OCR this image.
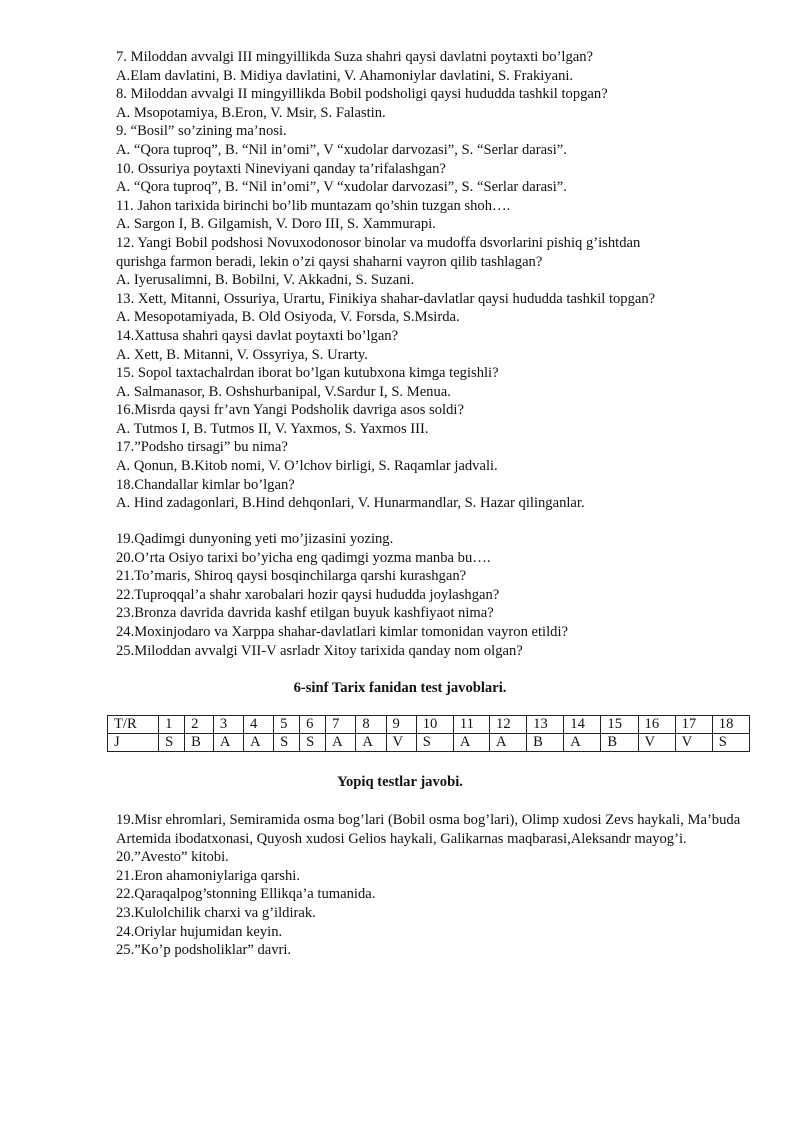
7. Miloddan avvalgi III mingyillikda Suza shahri qaysi davlatni poytaxti bo’lgan?
A.Elam davlatini, B. Midiya davlatini, V. Ahamoniylar davlatini, S. Frakiyani.
8. Miloddan avvalgi II mingyillikda Bobil podsholigi qaysi hududda tashkil topgan?
A. Msopotamiya, B.Eron, V. Msir, S. Falastin.
9. “Bosil” so’zining ma’nosi.
A. “Qora tuproq”, B. “Nil in’omi”, V “xudolar darvozasi”, S. “Serlar darasi”.
10. Ossuriya poytaxti Nineviyani qanday ta’rifalashgan?
A. “Qora tuproq”, B. “Nil in’omi”, V “xudolar darvozasi”, S. “Serlar darasi”.
11. Jahon tarixida birinchi bo’lib muntazam qo’shin tuzgan shoh….
A. Sargon I, B. Gilgamish, V. Doro III, S. Xammurapi.
12. Yangi Bobil podshosi Novuxodonosor binolar va mudoffa dsvorlarini pishiq g’ishtdan
qurishga farmon beradi, lekin o’zi qaysi shaharni vayron qilib tashlagan?
A. Iyerusalimni, B. Bobilni, V. Akkadni, S. Suzani.
13. Xett, Mitanni, Ossuriya, Urartu, Finikiya shahar-davlatlar qaysi hududda tashkil topgan?
A. Mesopotamiyada, B. Old Osiyoda, V. Forsda, S.Msirda.
14.Xattusa shahri qaysi davlat poytaxti bo’lgan?
A. Xett, B. Mitanni, V. Ossyriya, S. Urarty.
15. Sopol taxtachalrdan iborat bo’lgan kutubxona kimga tegishli?
A. Salmanasor, B. Oshshurbanipal, V.Sardur I, S. Menua.
16.Misrda qaysi fr’avn Yangi Podsholik davriga asos soldi?
A. Tutmos I, B. Tutmos II, V. Yaxmos, S. Yaxmos III.
17.”Podsho tirsagi” bu nima?
A. Qonun, B.Kitob nomi, V. O’lchov birligi, S. Raqamlar jadvali.
18.Chandallar kimlar bo’lgan?
A. Hind zadagonlari, B.Hind dehqonlari, V. Hunarmandlar, S. Hazar qilinganlar.
19.Qadimgi dunyoning yeti mo’jizasini yozing.
20.O’rta Osiyo tarixi bo’yicha eng qadimgi yozma manba bu….
21.To’maris, Shiroq qaysi bosqinchilarga qarshi kurashgan?
22.Tuproqqal’a shahr xarobalari hozir qaysi hududda joylashgan?
23.Bronza davrida davrida kashf etilgan buyuk kashfiyaot nima?
24.Moxinjodaro va Xarppa shahar-davlatlari kimlar tomonidan vayron etildi?
25.Miloddan avvalgi VII-V asrladr Xitoy tarixida qanday nom olgan?
6-sinf Tarix fanidan test javoblari.
T/R	1	2	3	4	5	6	7	8	9	10	11	12	13	14	15	16	17	18
J	S	B	A	A	S	S	A	A	V	S	A	A	B	A	B	V	V	S
Yopiq testlar javobi.
19.Misr ehromlari, Semiramida osma bog’lari (Bobil osma bog’lari), Olimp xudosi Zevs haykali, Ma’buda Artemida ibodatxonasi, Quyosh xudosi Gelios haykali, Galikarnas maqbarasi,Aleksandr mayog’i.
20.”Avesto” kitobi.
21.Eron ahamoniylariga qarshi.
22.Qaraqalpog’stonning Ellikqa’a tumanida.
23.Kulolchilik charxi va g’ildirak.
24.Oriylar hujumidan keyin.
25.”Ko’p podsholiklar” davri.
